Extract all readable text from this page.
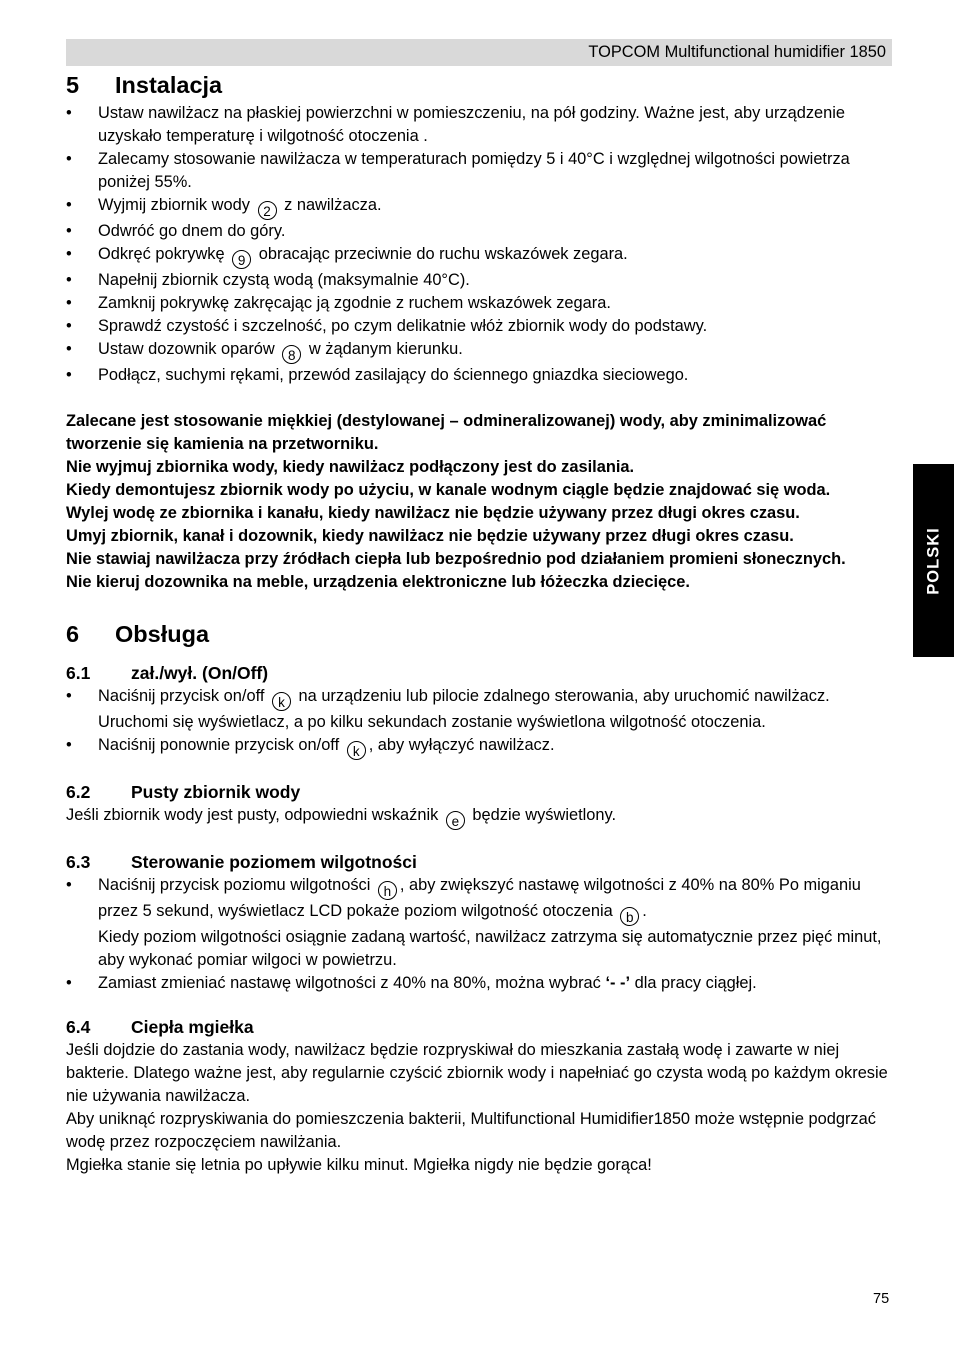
TOPCOM Multifunctional humidifier 1850
POLSKI
5	Instalacja
• Ustaw nawilżacz na płaskiej powierzchni w pomieszczeniu, na pół godziny. Ważne jest, aby urządzenie uzyskało temperaturę i wilgotność otoczenia .
• Zalecamy stosowanie nawilżacza w temperaturach pomiędzy 5 i 40°C i względnej wilgotności powietrza poniżej 55%.
• Wyjmij zbiornik wody 2 z nawilżacza.
• Odwróć go dnem do góry.
• Odkręć pokrywkę 9 obracając przeciwnie do ruchu wskazówek zegara.
• Napełnij zbiornik czystą wodą (maksymalnie 40°C).
• Zamknij pokrywkę zakręcając ją zgodnie z ruchem wskazówek zegara.
• Sprawdź czystość i szczelność, po czym delikatnie włóż zbiornik wody do podstawy.
• Ustaw dozownik oparów 8 w żądanym kierunku.
• Podłącz, suchymi rękami, przewód zasilający do ściennego gniazdka sieciowego.

Zalecane jest stosowanie miękkiej (destylowanej – odmineralizowanej) wody, aby zminimalizować tworzenie się kamienia na przetworniku.

Nie wyjmuj zbiornika wody, kiedy nawilżacz podłączony jest do zasilania.

Kiedy demontujesz zbiornik wody po użyciu, w kanale wodnym ciągle będzie znajdować się woda.

Wylej wodę ze zbiornika i kanału, kiedy nawilżacz nie będzie używany przez długi okres czasu.

Umyj zbiornik, kanał i dozownik, kiedy nawilżacz nie będzie używany przez długi okres czasu.

Nie stawiaj nawilżacza przy źródłach ciepła lub bezpośrednio pod działaniem promieni słonecznych.

Nie kieruj dozownika na meble, urządzenia elektroniczne lub łóżeczka dziecięce.

6	Obsługa
6.1	zał./wył. (On/Off)
• Naciśnij przycisk on/off k na urządzeniu lub pilocie zdalnego sterowania, aby uruchomić nawilżacz. Uruchomi się wyświetlacz, a po kilku sekundach zostanie wyświetlona wilgotność otoczenia.
• Naciśnij ponownie przycisk on/off k , aby wyłączyć nawilżacz.
6.2	Pusty zbiornik wody

Jeśli zbiornik wody jest pusty, odpowiedni wskaźnik e będzie wyświetlony.

6.3	Sterowanie poziomem wilgotności
• Naciśnij przycisk poziomu wilgotności h , aby zwiększyć nastawę wilgotności z 40% na 80% Po miganiu przez 5 sekund, wyświetlacz LCD pokaże poziom wilgotność otoczenia b .
Kiedy poziom wilgotności osiągnie zadaną wartość, nawilżacz zatrzyma się automatycznie przez pięć minut, aby wykonać pomiar wilgoci w powietrzu.
• Zamiast zmieniać nastawę wilgotności z 40% na 80%, można wybrać ‘- -’ dla pracy ciągłej.
6.4	Ciepła mgiełka

Jeśli dojdzie do zastania wody, nawilżacz będzie rozpryskiwał do mieszkania zastałą wodę i zawarte w niej bakterie. Dlatego ważne jest, aby regularnie czyścić zbiornik wody i napełniać go czysta wodą po każdym okresie nie używania nawilżacza.

Aby uniknąć rozpryskiwania do pomieszczenia bakterii, Multifunctional Humidifier1850 może wstępnie podgrzać wodę przez rozpoczęciem nawilżania.

Mgiełka stanie się letnia po upływie kilku minut. Mgiełka nigdy nie będzie gorąca!

75
